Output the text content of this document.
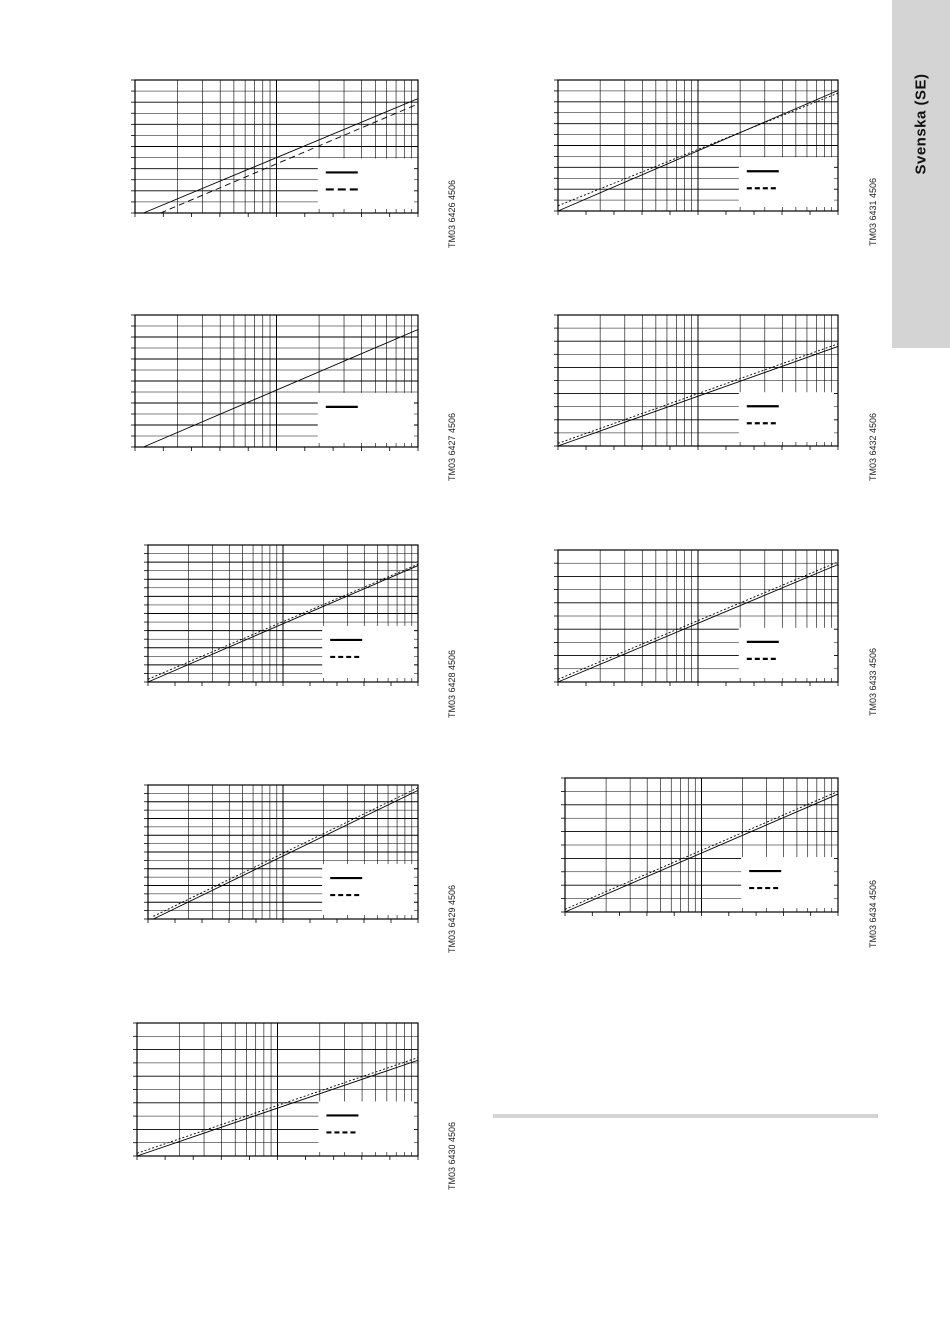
Svenska (SE)
TM03 6426 4506
TM03 6427 4506
TM03 6428 4506
TM03 6429 4506
TM03 6430 4506
TM03 6431 4506
TM03 6432 4506
TM03 6433 4506
TM03 6434 4506
